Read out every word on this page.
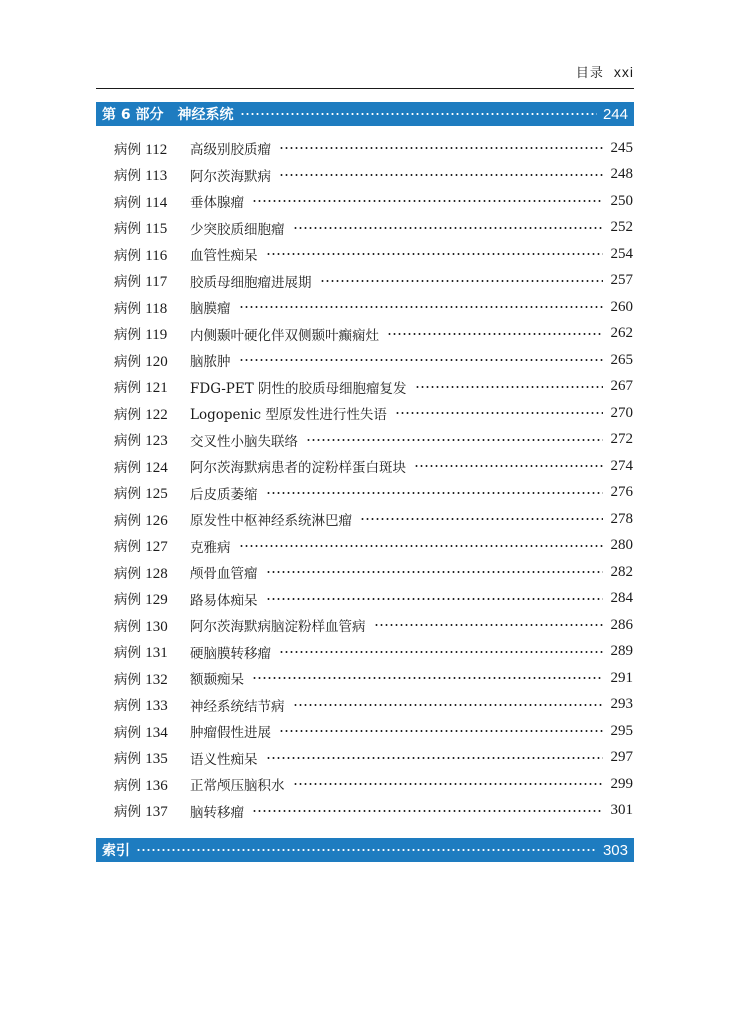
目录 xxi
第 6 部分 神经系统	244
病例 112	高级别胶质瘤	245
病例 113	阿尔茨海默病	248
病例 114	垂体腺瘤	250
病例 115	少突胶质细胞瘤	252
病例 116	血管性痴呆	254
病例 117	胶质母细胞瘤进展期	257
病例 118	脑膜瘤	260
病例 119	内侧颞叶硬化伴双侧颞叶癫痫灶	262
病例 120	脑脓肿	265
病例 121	FDG-PET 阴性的胶质母细胞瘤复发	267
病例 122	Logopenic 型原发性进行性失语	270
病例 123	交叉性小脑失联络	272
病例 124	阿尔茨海默病患者的淀粉样蛋白斑块	274
病例 125	后皮质萎缩	276
病例 126	原发性中枢神经系统淋巴瘤	278
病例 127	克雅病	280
病例 128	颅骨血管瘤	282
病例 129	路易体痴呆	284
病例 130	阿尔茨海默病脑淀粉样血管病	286
病例 131	硬脑膜转移瘤	289
病例 132	额颞痴呆	291
病例 133	神经系统结节病	293
病例 134	肿瘤假性进展	295
病例 135	语义性痴呆	297
病例 136	正常颅压脑积水	299
病例 137	脑转移瘤	301
索引	303
